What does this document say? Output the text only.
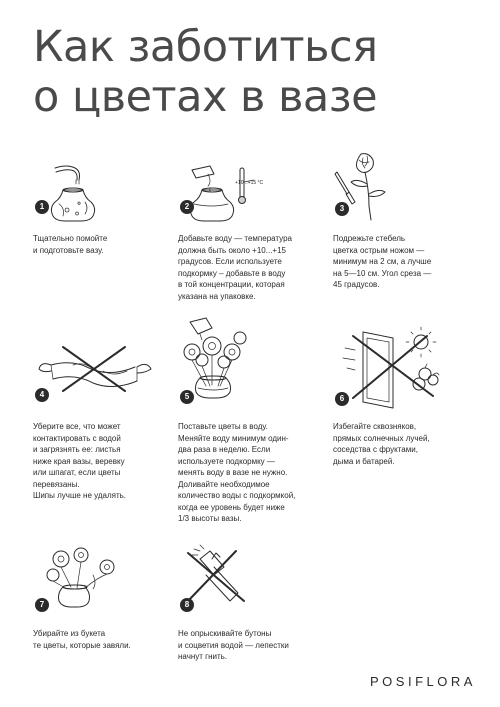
Как заботиться
о цветах в вазе
1
Тщательно помойте
и подготовьте вазу.
+10...+15 °C
2
Добавьте воду — температура
должна быть около +10...+15
градусов. Если используете
подкормку – добавьте в воду
в той концентрации, которая
указана на упаковке.
3
Подрежьте стебель
цветка острым ножом —
минимум на 2 см, а лучше
на 5—10 см. Угол среза —
45 градусов.
4
Уберите все, что может
контактировать с водой
и загрязнять ее: листья
ниже края вазы, веревку
или шпагат, если цветы
перевязаны.
Шипы лучше не удалять.
5
Поставьте цветы в воду.
Меняйте воду минимум один-
два раза в неделю. Если
используете подкормку —
менять воду в вазе не нужно.
Доливайте необходимое
количество воды с подкормкой,
когда ее уровень будет ниже
1/3 высоты вазы.
6
Избегайте сквозняков,
прямых солнечных лучей,
соседства с фруктами,
дыма и батарей.
7
Убирайте из букета
те цветы, которые завяли.
8
Не опрыскивайте бутоны
и соцветия водой — лепестки
начнут гнить.
POSIFLORA
